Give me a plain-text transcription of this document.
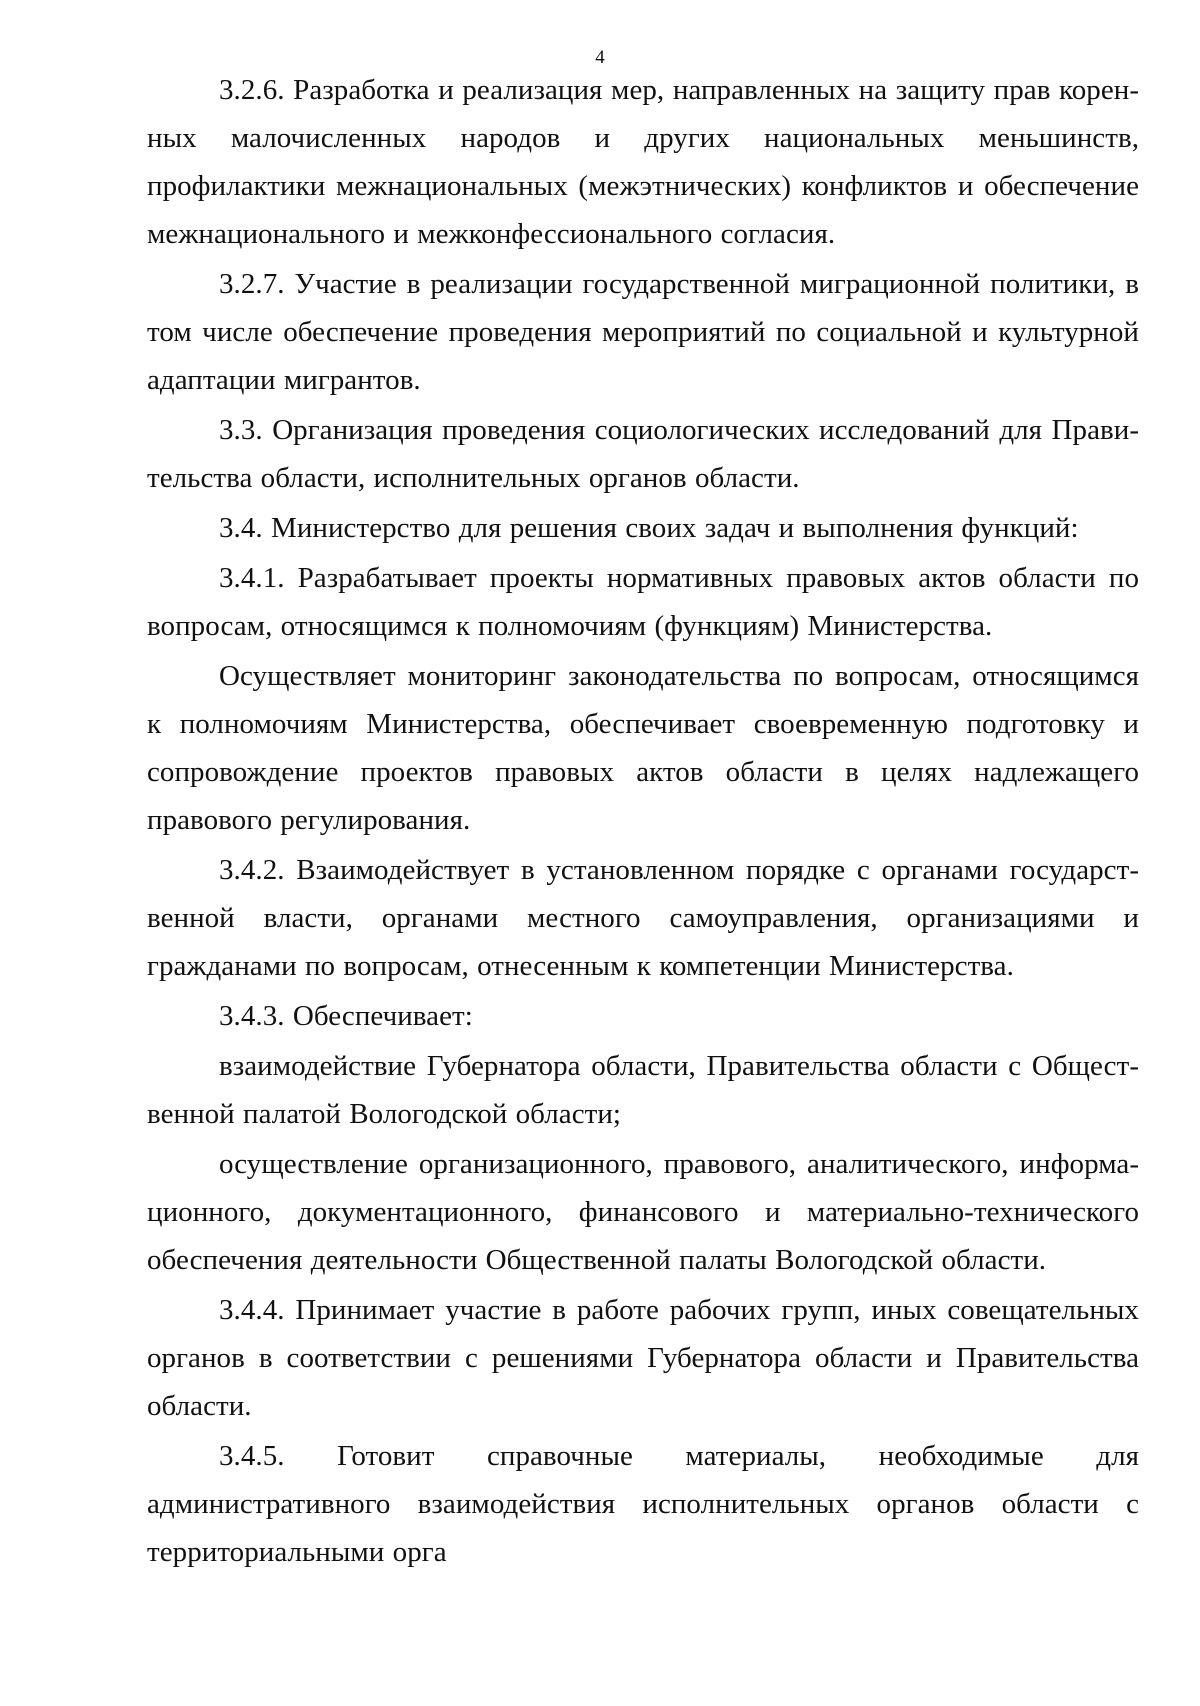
4

3.2.6. Разработка и реализация мер, направленных на защиту прав коренных малочисленных народов и других национальных меньшинств, профилактики межнациональных (межэтнических) конфликтов и обеспечение межнационального и межконфессионального согласия.

3.2.7. Участие в реализации государственной миграционной политики, в том числе обеспечение проведения мероприятий по социальной и культурной адаптации мигрантов.

3.3. Организация проведения социологических исследований для Правительства области, исполнительных органов области.

3.4. Министерство для решения своих задач и выполнения функций:

3.4.1. Разрабатывает проекты нормативных правовых актов области по вопросам, относящимся к полномочиям (функциям) Министерства.

Осуществляет мониторинг законодательства по вопросам, относящимся к полномочиям Министерства, обеспечивает своевременную подготовку и сопровождение проектов правовых актов области в целях надлежащего правового регулирования.

3.4.2. Взаимодействует в установленном порядке с органами государственной власти, органами местного самоуправления, организациями и гражданами по вопросам, отнесенным к компетенции Министерства.

3.4.3. Обеспечивает:

взаимодействие Губернатора области, Правительства области с Общественной палатой Вологодской области;

осуществление организационного, правового, аналитического, информационного, документационного, финансового и материально-технического обеспечения деятельности Общественной палаты Вологодской области.

3.4.4. Принимает участие в работе рабочих групп, иных совещательных органов в соответствии с решениями Губернатора области и Правительства области.

3.4.5. Готовит справочные материалы, необходимые для административного взаимодействия исполнительных органов области с территориальными орга
